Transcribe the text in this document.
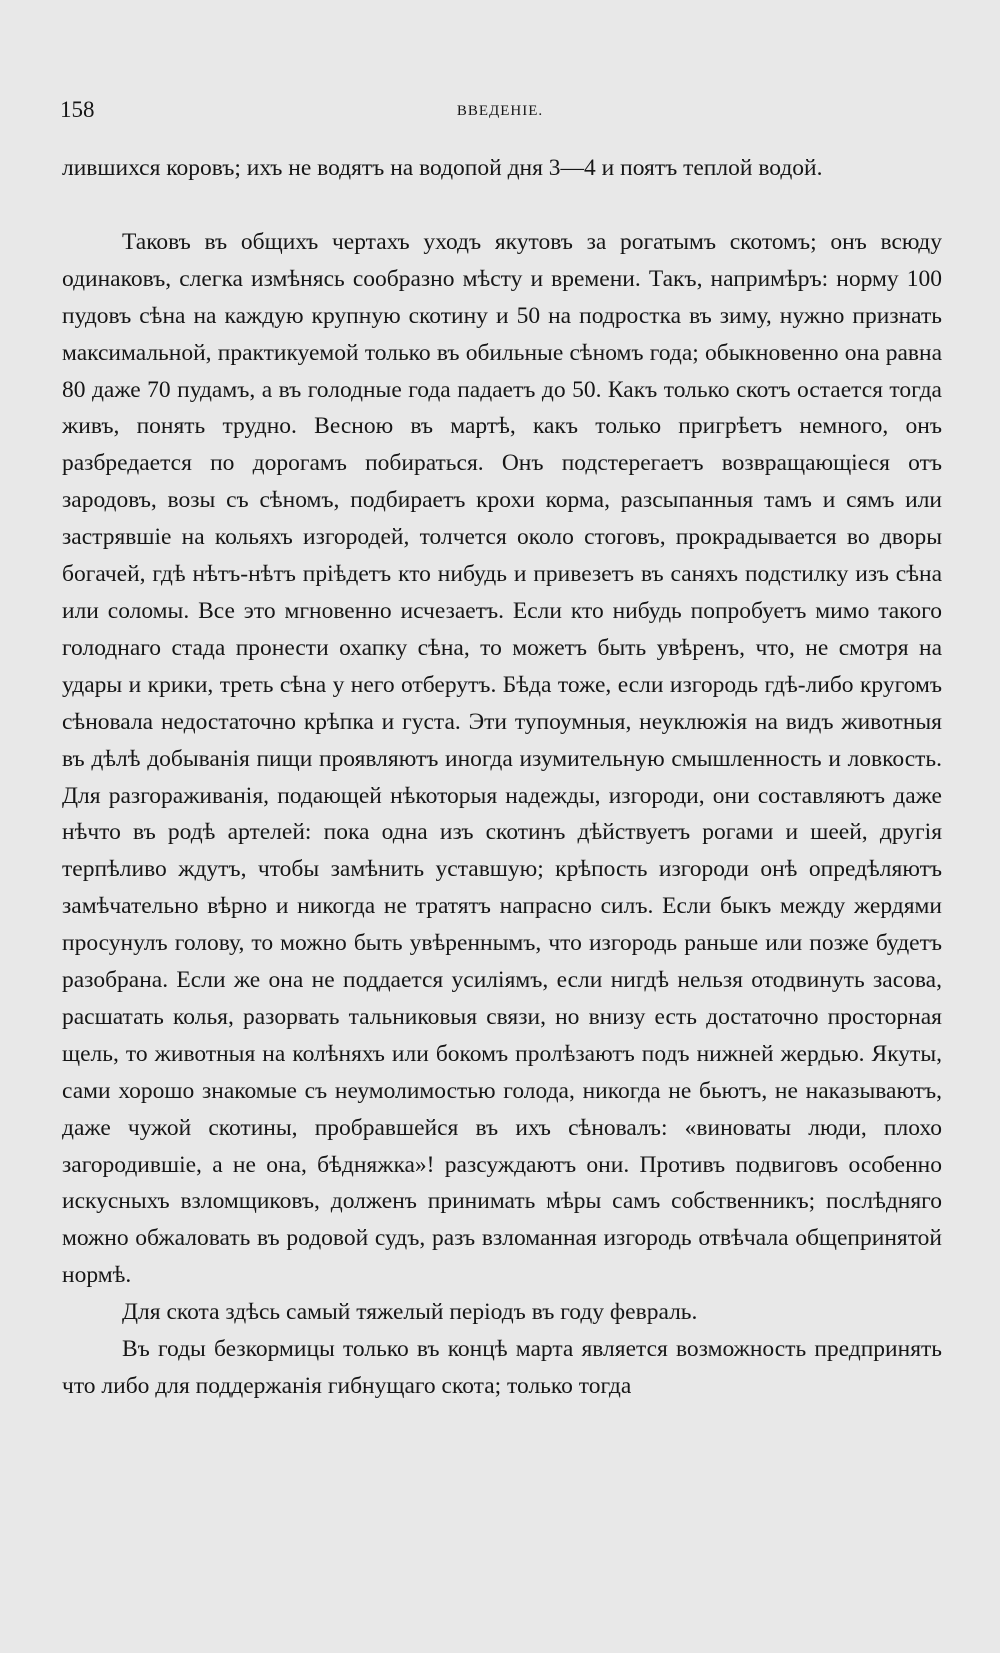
158	ВВЕДЕНІЕ.

лившихся коровъ; ихъ не водятъ на водопой дня 3—4 и поятъ теплой водой.

Таковъ въ общихъ чертахъ уходъ якутовъ за рогатымъ скотомъ; онъ всюду одинаковъ, слегка измѣнясь сообразно мѣсту и времени. Такъ, напримѣръ: норму 100 пудовъ сѣна на каждую крупную скотину и 50 на подростка въ зиму, нужно признать максимальной, практикуемой только въ обильные сѣномъ года; обыкновенно она равна 80 даже 70 пудамъ, а въ голодные года падаетъ до 50. Какъ только скотъ остается тогда живъ, понять трудно. Весною въ мартѣ, какъ только пригрѣетъ немного, онъ разбредается по дорогамъ побираться. Онъ подстерегаетъ возвращающіеся отъ зародовъ, возы съ сѣномъ, подбираетъ крохи корма, разсыпанныя тамъ и сямъ или застрявшіе на кольяхъ изгородей, толчется около стоговъ, прокрадывается во дворы богачей, гдѣ нѣтъ-нѣтъ пріѣдетъ кто нибудь и привезетъ въ саняхъ подстилку изъ сѣна или соломы. Все это мгновенно исчезаетъ. Если кто нибудь попробуетъ мимо такого голоднаго стада пронести охапку сѣна, то можетъ быть увѣренъ, что, не смотря на удары и крики, треть сѣна у него отберутъ. Бѣда тоже, если изгородь гдѣ-либо кругомъ сѣновала недостаточно крѣпка и густа. Эти тупоумныя, неуклюжія на видъ животныя въ дѣлѣ добыванія пищи проявляютъ иногда изумительную смышленность и ловкость. Для разгораживанія, подающей нѣкоторыя надежды, изгороди, они составляютъ даже нѣчто въ родѣ артелей: пока одна изъ скотинъ дѣйствуетъ рогами и шеей, другія терпѣливо ждутъ, чтобы замѣнить уставшую; крѣпость изгороди онѣ опредѣляютъ замѣчательно вѣрно и никогда не тратятъ напрасно силъ. Если быкъ между жердями просунулъ голову, то можно быть увѣреннымъ, что изгородь раньше или позже будетъ разобрана. Если же она не поддается усиліямъ, если нигдѣ нельзя отодвинуть засова, расшатать колья, разорвать тальниковыя связи, но внизу есть достаточно просторная щель, то животныя на колѣняхъ или бокомъ пролѣзаютъ подъ нижней жердью. Якуты, сами хорошо знакомые съ неумолимостью голода, никогда не бьютъ, не наказываютъ, даже чужой скотины, пробравшейся въ ихъ сѣновалъ: «виноваты люди, плохо загородившіе, а не она, бѣдняжка»! разсуждаютъ они. Противъ подвиговъ особенно искусныхъ взломщиковъ, долженъ принимать мѣры самъ собственникъ; послѣдняго можно обжаловать въ родовой судъ, разъ взломанная изгородь отвѣчала общепринятой нормѣ.

Для скота здѣсь самый тяжелый періодъ въ году февраль.

Въ годы безкормицы только въ концѣ марта является возможность предпринять что либо для поддержанія гибнущаго скота; только тогда
